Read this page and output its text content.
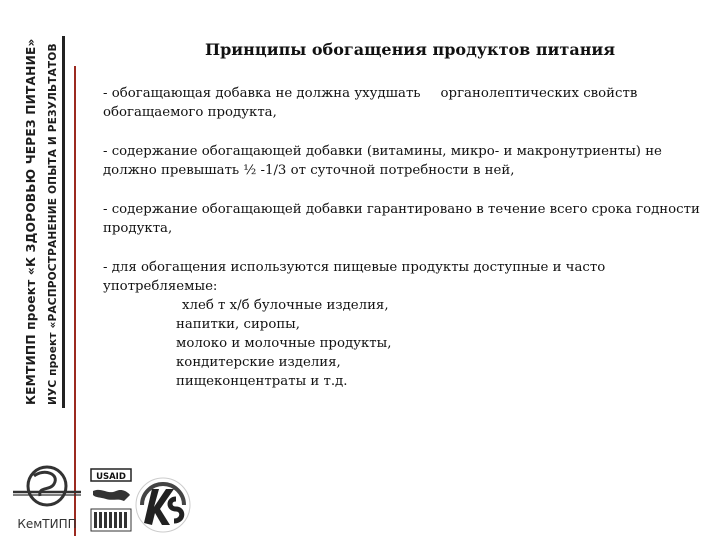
КЕМТИПП проект «К ЗДОРОВЬЮ ЧЕРЕЗ ПИТАНИЕ» ИУС проект «РАСПРОСТРАНЕНИЕ ОПЫТА И РЕЗУЛЬТАТОВ	Принципы обогащения продуктов питания
- обогащающая добавка не должна ухудшать органолептических свойств обогащаемого продукта,
- содержание обогащающей добавки (витамины, микро- и макронутриенты) не должно превышать ½ -1/3 от суточной потребности в ней,
- содержание обогащающей добавки гарантировано в течение всего срока годности продукта,
- для обогащения используются пищевые продукты доступные и часто употребляемые:
хлеб т х/б булочные изделия,
напитки, сиропы,
молоко и молочные продукты,
кондитерские изделия,
пищеконцентраты и т.д.
КемТИПП
USAID	KSC
